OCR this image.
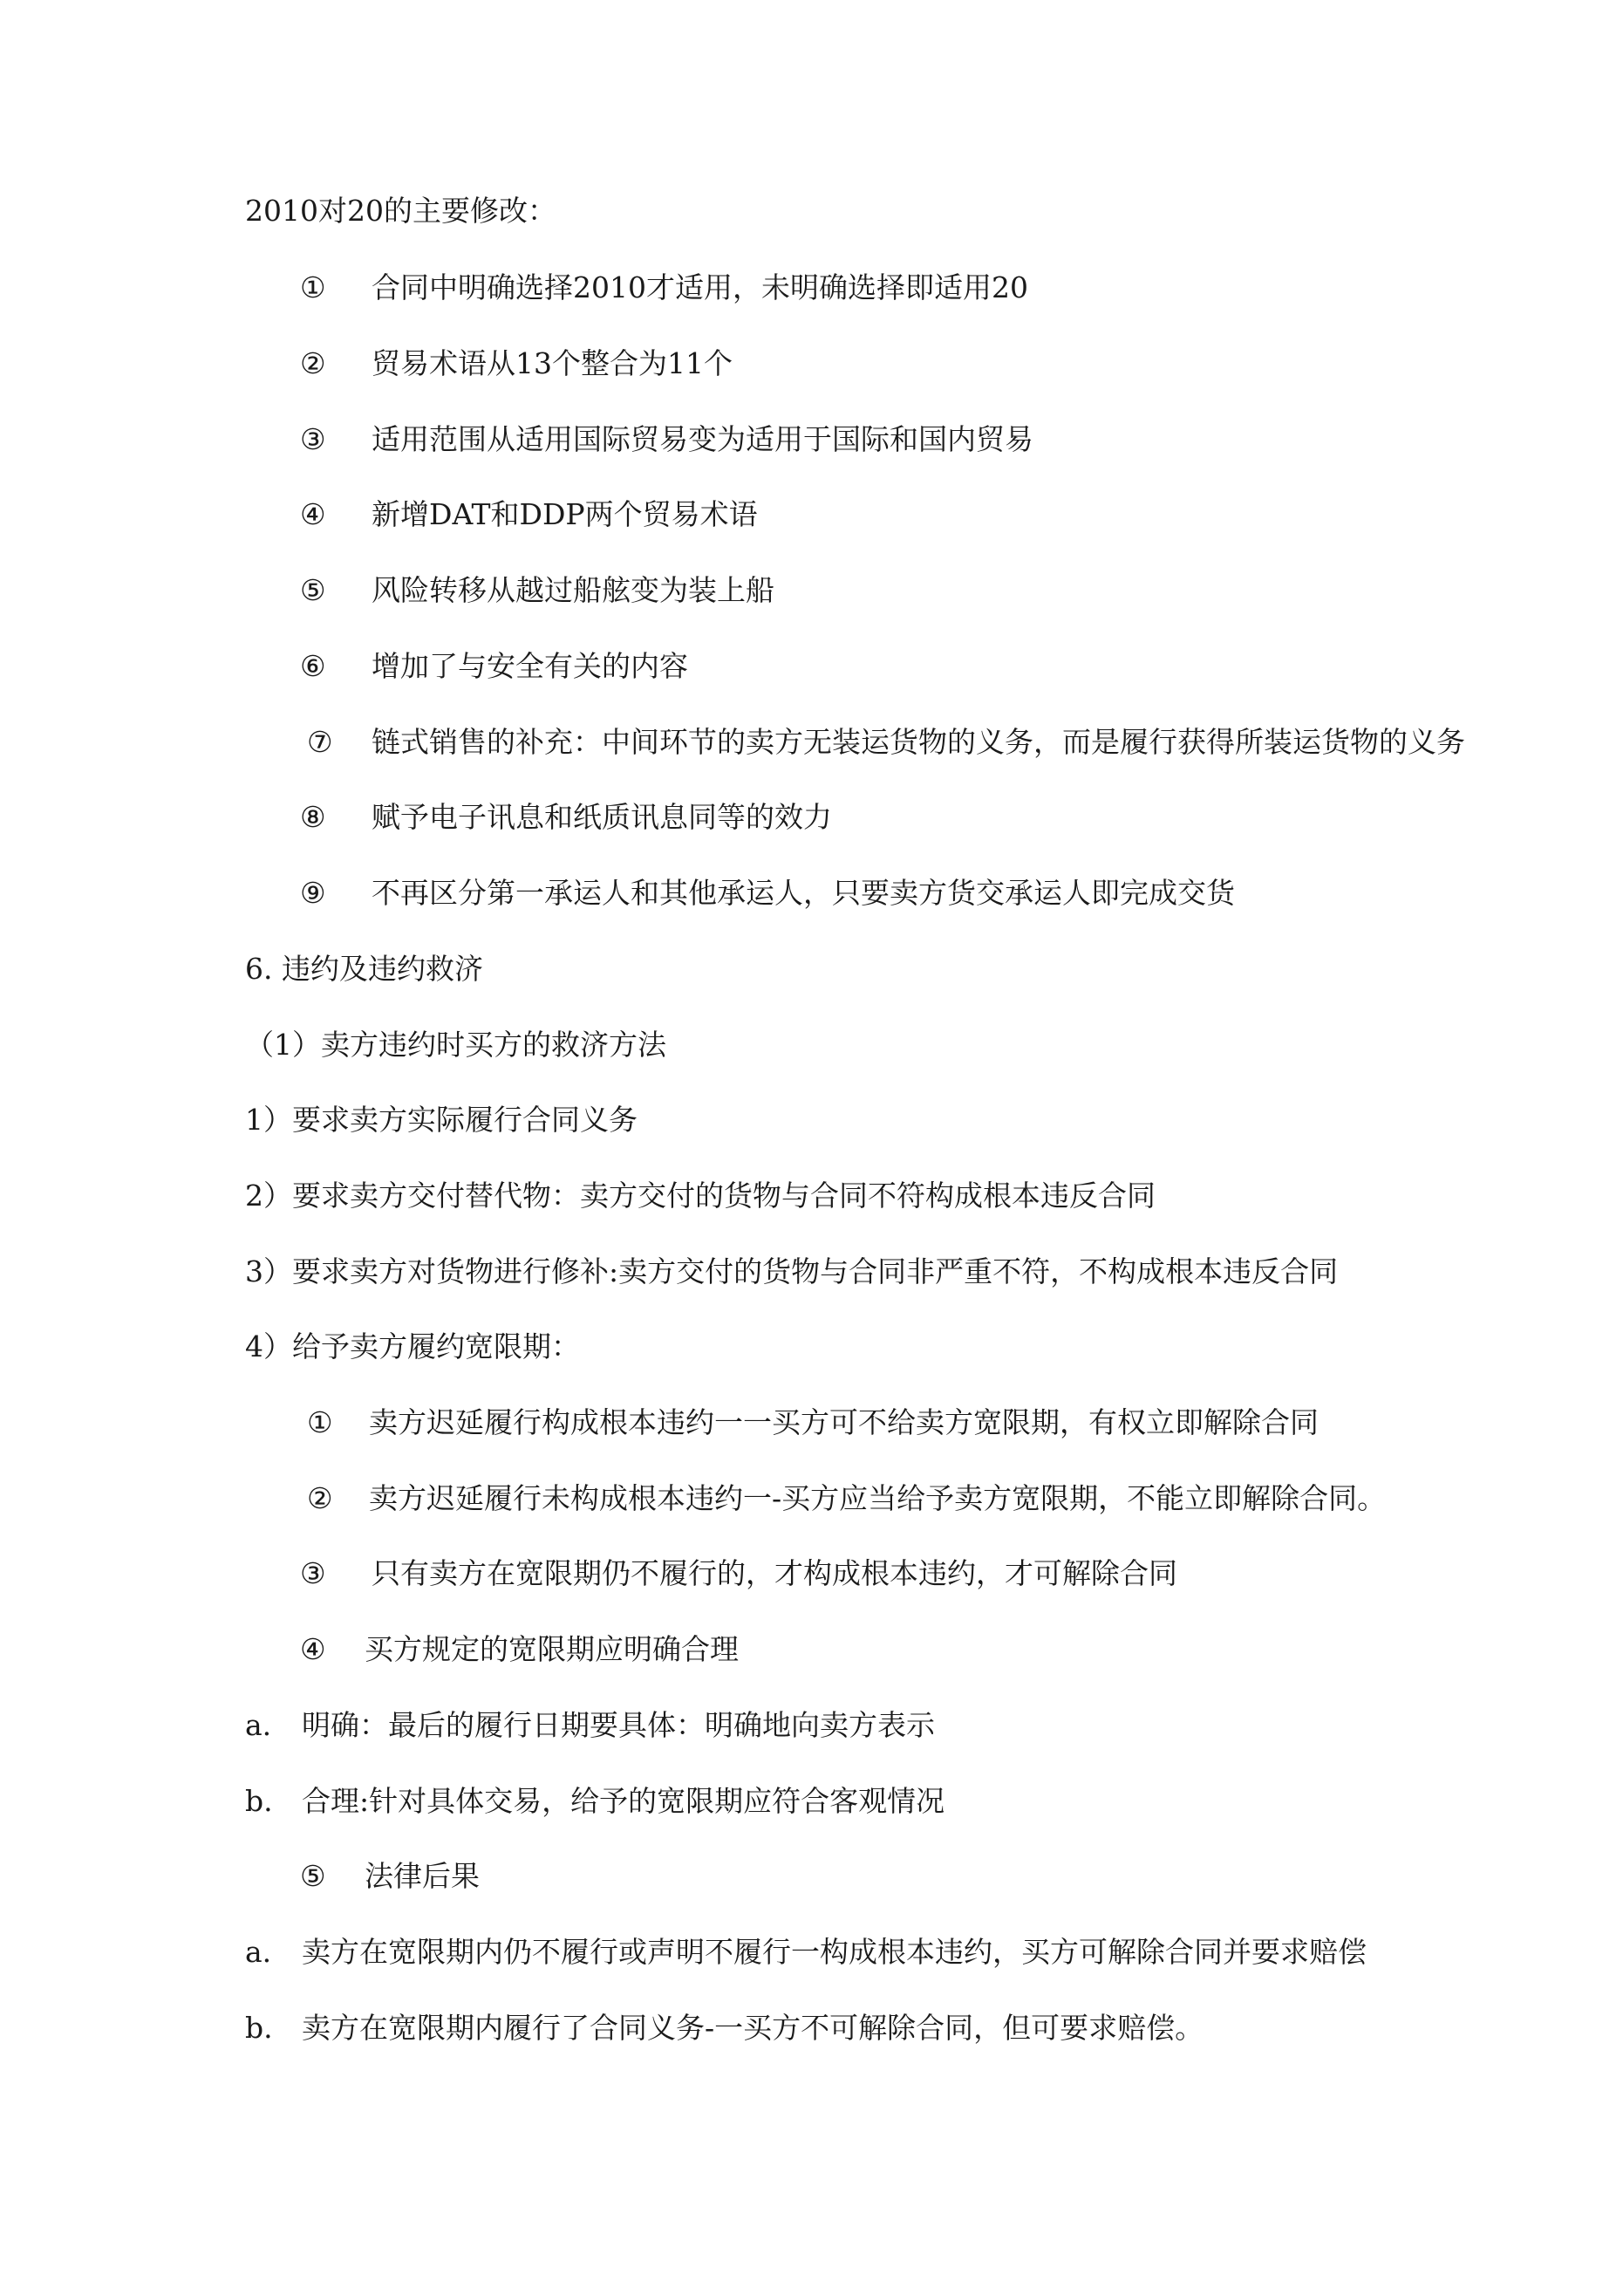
2010对20的主要修改：
① 合同中明确选择2010才适用，未明确选择即适用20
② 贸易术语从13个整合为11个
③ 适用范围从适用国际贸易变为适用于国际和国内贸易
④ 新增DAT和DDP两个贸易术语
⑤ 风险转移从越过船舷变为装上船
⑥ 增加了与安全有关的内容
⑦ 链式销售的补充：中间环节的卖方无装运货物的义务，而是履行获得所装运货物的义务
⑧ 赋予电子讯息和纸质讯息同等的效力
⑨ 不再区分第一承运人和其他承运人，只要卖方货交承运人即完成交货
6. 违约及违约救济
（1）卖方违约时买方的救济方法
1）要求卖方实际履行合同义务
2）要求卖方交付替代物：卖方交付的货物与合同不符构成根本违反合同
3）要求卖方对货物进行修补:卖方交付的货物与合同非严重不符，不构成根本违反合同
4）给予卖方履约宽限期：
① 卖方迟延履行构成根本违约一一买方可不给卖方宽限期，有权立即解除合同
② 卖方迟延履行未构成根本违约一-买方应当给予卖方宽限期，不能立即解除合同。
③ 只有卖方在宽限期仍不履行的，才构成根本违约，才可解除合同
④ 买方规定的宽限期应明确合理
a. 明确：最后的履行日期要具体：明确地向卖方表示
b. 合理:针对具体交易，给予的宽限期应符合客观情况
⑤ 法律后果
a. 卖方在宽限期内仍不履行或声明不履行一构成根本违约，买方可解除合同并要求赔偿
b. 卖方在宽限期内履行了合同义务-一买方不可解除合同，但可要求赔偿。
